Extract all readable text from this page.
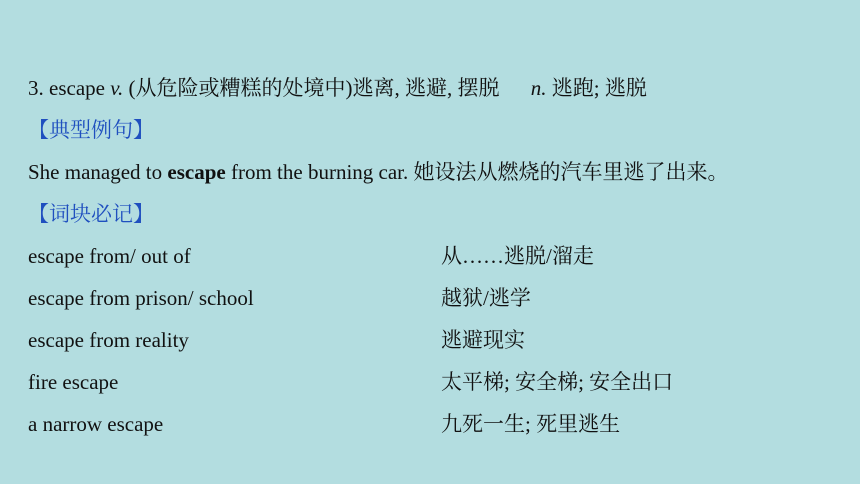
3. escape v. (从危险或糟糕的处境中)逃离, 逃避, 摆脱 n. 逃跑; 逃脱
【典型例句】
She managed to escape from the burning car. 她设法从燃烧的汽车里逃了出来。
【词块必记】
escape from/ out of	从……逃脱/溜走
escape from prison/ school	越狱/逃学
escape from reality	逃避现实
fire escape	太平梯; 安全梯; 安全出口
a narrow escape	九死一生; 死里逃生
